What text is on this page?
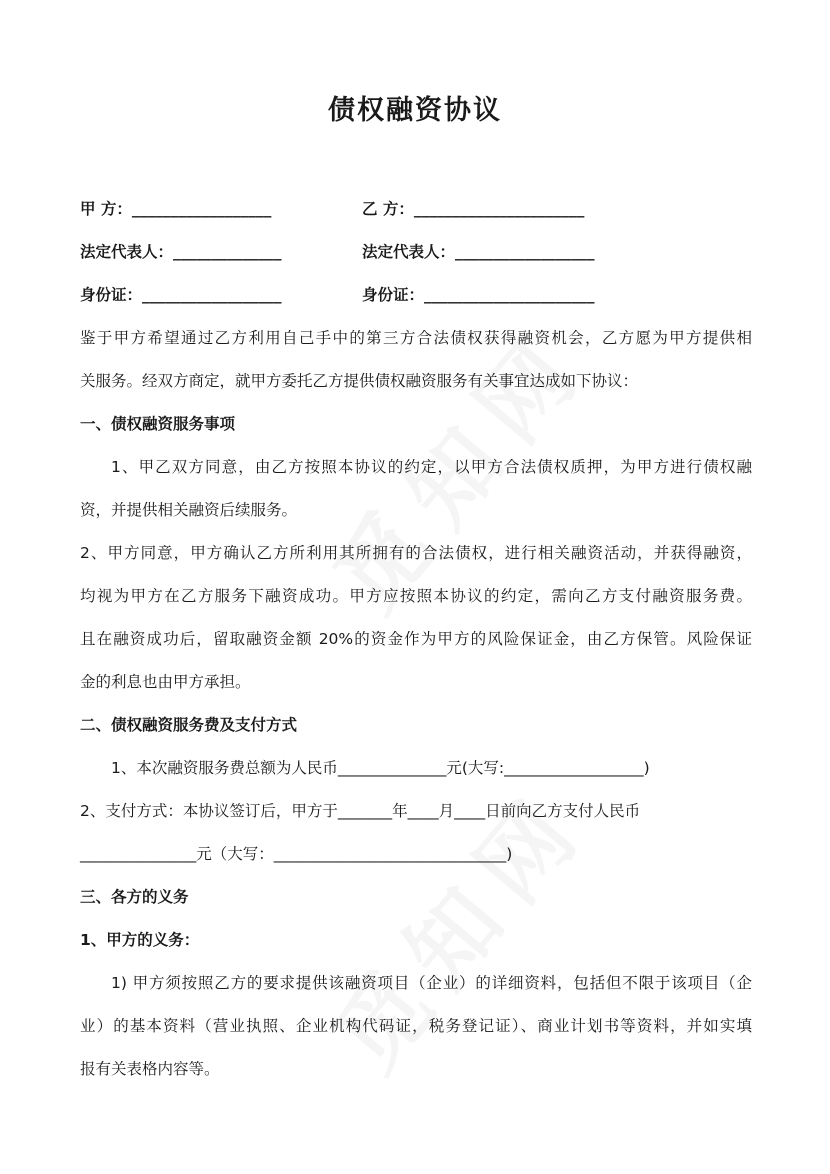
债权融资协议
甲 方：__________________	乙 方：______________________
法定代表人：______________	法定代表人：__________________
身份证：__________________	身份证：______________________
鉴于甲方希望通过乙方利用自己手中的第三方合法债权获得融资机会，乙方愿为甲方提供相
关服务。经双方商定，就甲方委托乙方提供债权融资服务有关事宜达成如下协议：
一、债权融资服务事项
1、甲乙双方同意，由乙方按照本协议的约定，以甲方合法债权质押，为甲方进行债权融
资，并提供相关融资后续服务。
2、甲方同意，甲方确认乙方所利用其所拥有的合法债权，进行相关融资活动，并获得融资，
均视为甲方在乙方服务下融资成功。甲方应按照本协议的约定，需向乙方支付融资服务费。
且在融资成功后，留取融资金额 20%的资金作为甲方的风险保证金，由乙方保管。风险保证
金的利息也由甲方承担。
二、债权融资服务费及支付方式
1、本次融资服务费总额为人民币______________元(大写:__________________)
2、支付方式：本协议签订后，甲方于_______年____月____日前向乙方支付人民币
_______________元（大写：______________________________)
三、各方的义务
1、甲方的义务：
1) 甲方须按照乙方的要求提供该融资项目（企业）的详细资料，包括但不限于该项目（企
业）的基本资料（营业执照、企业机构代码证，税务登记证）、商业计划书等资料，并如实填
报有关表格内容等。
